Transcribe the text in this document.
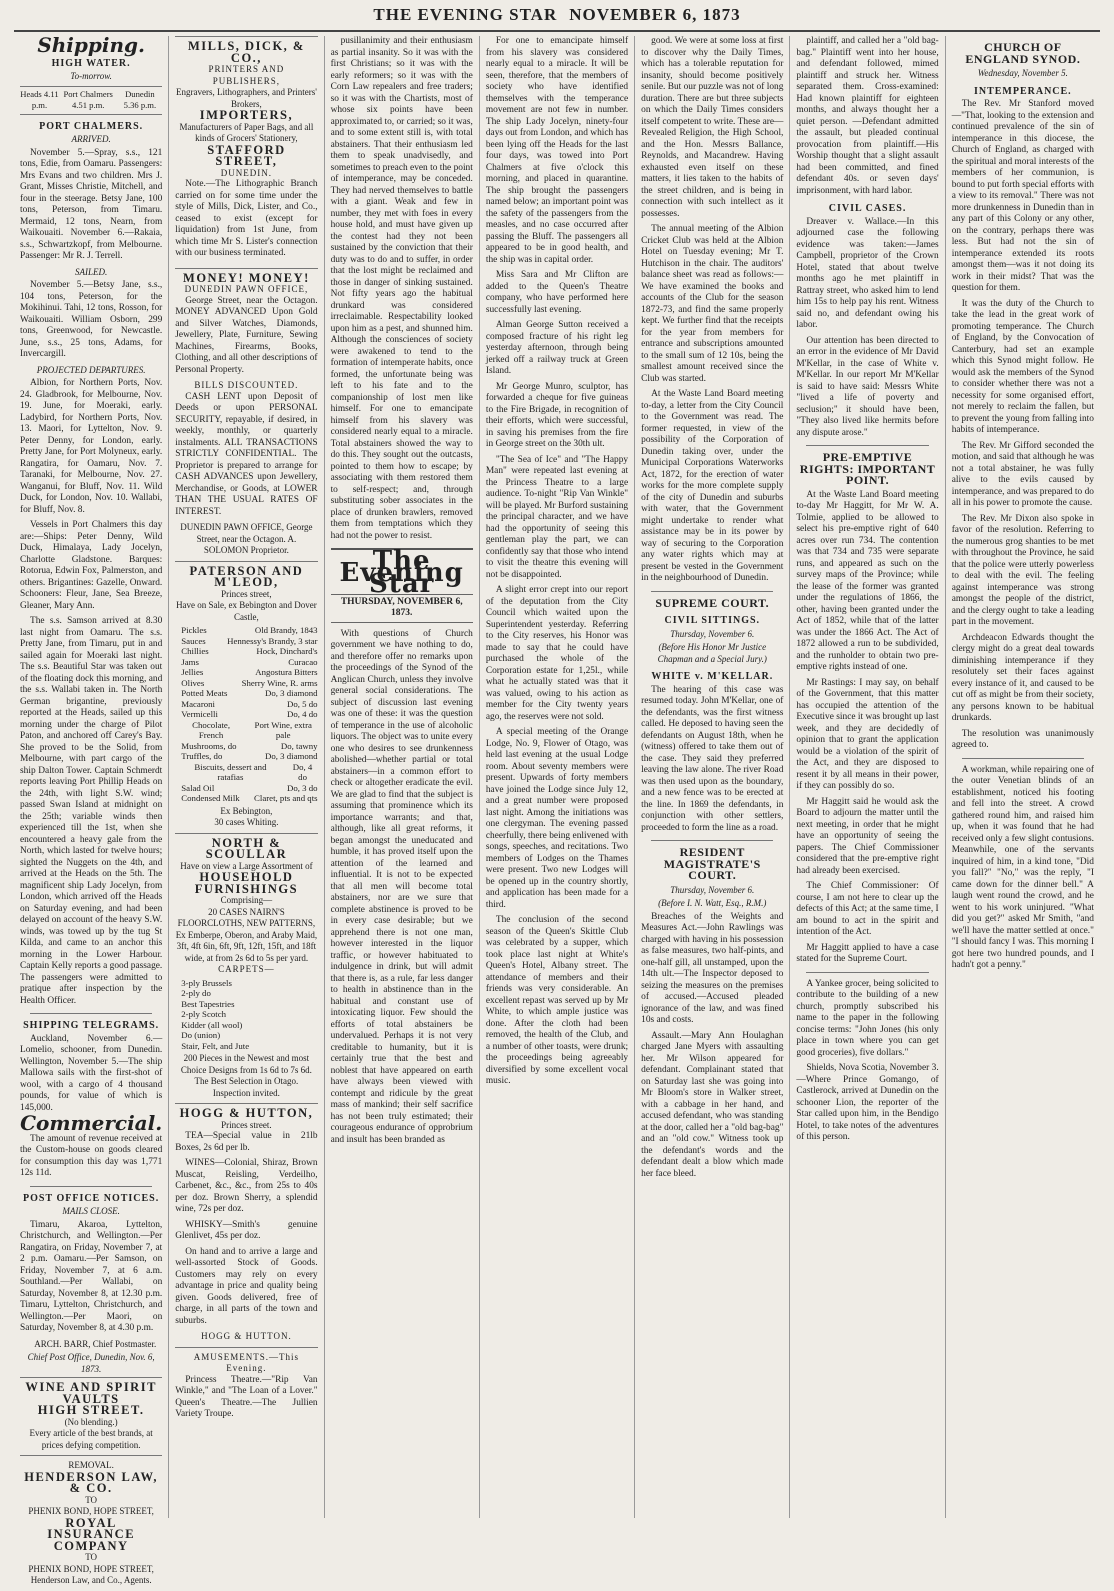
THE EVENING STAR NOVEMBER 6, 1873
Shipping.
HIGH WATER.
To-morrow.
Heads 4.11 p.m.
Port Chalmers 4.51 p.m.
Dunedin 5.36 p.m.
PORT CHALMERS.
ARRIVED.

November 5.—Spray, s.s., 121 tons, Edie, from Oamaru. Passengers: Mrs Evans and two children. Mrs J. Grant, Misses Christie, Mitchell, and four in the steerage. Betsy Jane, 100 tons, Peterson, from Timaru. Mermaid, 12 tons, Nearn, from Waikouaiti. November 6.—Rakaia, s.s., Schwartzkopf, from Melbourne. Passenger: Mr R. J. Terrell.

SAILED.

November 5.—Betsy Jane, s.s., 104 tons, Peterson, for the Mokihinui. Tahi, 12 tons, Rosson, for Waikouaiti. William Osborn, 299 tons, Greenwood, for Newcastle. June, s.s., 25 tons, Adams, for Invercargill.

PROJECTED DEPARTURES.

Albion, for Northern Ports, Nov. 24. Gladbrook, for Melbourne, Nov. 19. June, for Moeraki, early. Ladybird, for Northern Ports, Nov. 13. Maori, for Lyttelton, Nov. 9. Peter Denny, for London, early. Pretty Jane, for Port Molyneux, early. Rangatira, for Oamaru, Nov. 7. Taranaki, for Melbourne, Nov. 27. Wanganui, for Bluff, Nov. 11. Wild Duck, for London, Nov. 10. Wallabi, for Bluff, Nov. 8.

Vessels in Port Chalmers this day are:—Ships: Peter Denny, Wild Duck, Himalaya, Lady Jocelyn, Charlotte Gladstone. Barques: Rotorua, Edwin Fox, Palmerston, and others. Brigantines: Gazelle, Onward. Schooners: Fleur, Jane, Sea Breeze, Gleaner, Mary Ann.

The s.s. Samson arrived at 8.30 last night from Oamaru. The s.s. Pretty Jane, from Timaru, put in and sailed again for Moeraki last night. The s.s. Beautiful Star was taken out of the floating dock this morning, and the s.s. Wallabi taken in. The North German brigantine, previously reported at the Heads, sailed up this morning under the charge of Pilot Paton, and anchored off Carey's Bay. She proved to be the Solid, from Melbourne, with part cargo of the ship Dalton Tower. Captain Schmerdt reports leaving Port Phillip Heads on the 24th, with light S.W. wind; passed Swan Island at midnight on the 25th; variable winds then experienced till the 1st, when she encountered a heavy gale from the North, which lasted for twelve hours; sighted the Nuggets on the 4th, and arrived at the Heads on the 5th. The magnificent ship Lady Jocelyn, from London, which arrived off the Heads on Saturday evening, and had been delayed on account of the heavy S.W. winds, was towed up by the tug St Kilda, and came to an anchor this morning in the Lower Harbour. Captain Kelly reports a good passage. The passengers were admitted to pratique after inspection by the Health Officer.

SHIPPING TELEGRAMS.

Auckland, November 6.—Lomelio, schooner, from Dunedin. Wellington, November 5.—The ship Mallowa sails with the first-shot of wool, with a cargo of 4 thousand pounds, for value of which is 145,000.

Commercial.

The amount of revenue received at the Custom-house on goods cleared for consumption this day was 1,771 12s 11d.

POST OFFICE NOTICES.
MAILS CLOSE.

Timaru, Akaroa, Lyttelton, Christchurch, and Wellington.—Per Rangatira, on Friday, November 7, at 2 p.m. Oamaru.—Per Samson, on Friday, November 7, at 6 a.m. Southland.—Per Wallabi, on Saturday, November 8, at 12.30 p.m. Timaru, Lyttelton, Christchurch, and Wellington.—Per Maori, on Saturday, November 8, at 4.30 p.m.

ARCH. BARR, Chief Postmaster.
Chief Post Office, Dunedin, Nov. 6, 1873.
WINE AND SPIRIT VAULTS
HIGH STREET.
(No blending.)
Every article of the best brands, at prices defying competition.
REMOVAL.
HENDERSON LAW, & CO.
TO
PHENIX BOND, HOPE STREET,
ROYAL INSURANCE COMPANY
TO
PHENIX BOND, HOPE STREET,
Henderson Law, and Co., Agents.
MILLS, DICK, & CO.,
PRINTERS AND PUBLISHERS,
Engravers, Lithographers, and Printers' Brokers,
IMPORTERS,
Manufacturers of Paper Bags, and all kinds of Grocers' Stationery,
STAFFORD STREET,
DUNEDIN.

Note.—The Lithographic Branch carried on for some time under the style of Mills, Dick, Lister, and Co., ceased to exist (except for liquidation) from 1st June, from which time Mr S. Lister's connection with our business terminated.

MONEY! MONEY!
DUNEDIN PAWN OFFICE,

George Street, near the Octagon. MONEY ADVANCED Upon Gold and Silver Watches, Diamonds, Jewellery, Plate, Furniture, Sewing Machines, Firearms, Books, Clothing, and all other descriptions of Personal Property.

BILLS DISCOUNTED.

CASH LENT upon Deposit of Deeds or upon PERSONAL SECURITY, repayable, if desired, in weekly, monthly, or quarterly instalments. ALL TRANSACTIONS STRICTLY CONFIDENTIAL. The Proprietor is prepared to arrange for CASH ADVANCES upon Jewellery, Merchandise, or Goods, at LOWER THAN THE USUAL RATES OF INTEREST.

DUNEDIN PAWN OFFICE, George Street, near the Octagon. A. SOLOMON Proprietor.
PATERSON AND M'LEOD,
Princes street,
Have on Sale, ex Bebington and Dover Castle,
Pickles	Old Brandy, 1843
Sauces Hennessy's Brandy, 3 star
Chillies	Hock, Dinchard's
Jams	Curacao
Jellies	Angostura Bitters
Olives	Sherry Wine, R. arms
Potted Meats	Do, 3 diamond
Macaroni	Do, 5 do
Vermicelli	Do, 4 do
Chocolate, French
Port Wine, extra pale
Mushrooms, do	Do, tawny
Truffles, do	Do, 3 diamond
Biscuits, dessert and ratafias
Do, 4 do
Salad Oil	Do, 3 do
Condensed Milk Claret, pts and qts
Ex Bebington,
30 cases Whiting.
NORTH & SCOULLAR
Have on view a Large Assortment of
HOUSEHOLD FURNISHINGS
Comprising—
20 CASES NAIRN'S FLOORCLOTHS, NEW PATTERNS,
Ex Emberpe, Oberon, and Araby Maid,
3ft, 4ft 6in, 6ft, 9ft, 12ft, 15ft, and 18ft wide, at from 2s 6d to 5s per yard.
CARPETS—
3-ply Brussels
2-ply do
Best Tapestries
2-ply Scotch
Kidder (all wool)
Do (union)
Stair, Felt, and Jute
200 Pieces in the Newest and most Choice Designs from 1s 6d to 7s 6d.
The Best Selection in Otago.
Inspection invited.
HOGG & HUTTON,
Princes street.

TEA—Special value in 21lb Boxes, 2s 6d per lb.

WINES—Colonial, Shiraz, Brown Muscat, Reisling, Verdeilho, Carbenet, &c., &c., from 25s to 40s per doz. Brown Sherry, a splendid wine, 72s per doz.

WHISKY—Smith's genuine Glenlivet, 45s per doz.

On hand and to arrive a large and well-assorted Stock of Goods. Customers may rely on every advantage in price and quality being given. Goods delivered, free of charge, in all parts of the town and suburbs.

HOGG & HUTTON.
AMUSEMENTS.—This Evening.

Princess Theatre.—"Rip Van Winkle," and "The Loan of a Lover." Queen's Theatre.—The Jullien Variety Troupe.

pusillanimity and their enthusiasm as partial insanity. So it was with the first Christians; so it was with the early reformers; so it was with the Corn Law repealers and free traders; so it was with the Chartists, most of whose six points have been approximated to, or carried; so it was, and to some extent still is, with total abstainers. That their enthusiasm led them to speak unadvisedly, and sometimes to preach even to the point of intemperance, may be conceded. They had nerved themselves to battle with a giant. Weak and few in number, they met with foes in every house hold, and must have given up the contest had they not been sustained by the conviction that their duty was to do and to suffer, in order that the lost might be reclaimed and those in danger of sinking sustained. Not fifty years ago the habitual drunkard was considered irreclaimable. Respectability looked upon him as a pest, and shunned him. Although the consciences of society were awakened to tend to the formation of intemperate habits, once formed, the unfortunate being was left to his fate and to the companionship of lost men like himself. For one to emancipate himself from his slavery was considered nearly equal to a miracle. Total abstainers showed the way to do this. They sought out the outcasts, pointed to them how to escape; by associating with them restored them to self-respect; and, through substituting sober associates in the place of drunken brawlers, removed them from temptations which they had not the power to resist.

The Evening Star
THURSDAY, NOVEMBER 6, 1873.

With questions of Church government we have nothing to do, and therefore offer no remarks upon the proceedings of the Synod of the Anglican Church, unless they involve general social considerations. The subject of discussion last evening was one of these: it was the question of temperance in the use of alcoholic liquors. The object was to unite every one who desires to see drunkenness abolished—whether partial or total abstainers—in a common effort to check or altogether eradicate the evil. We are glad to find that the subject is assuming that prominence which its importance warrants; and that, although, like all great reforms, it began amongst the uneducated and humble, it has proved itself upon the attention of the learned and influential. It is not to be expected that all men will become total abstainers, nor are we sure that complete abstinence is proved to be in every case desirable; but we apprehend there is not one man, however interested in the liquor traffic, or however habituated to indulgence in drink, but will admit that there is, as a rule, far less danger to health in abstinence than in the habitual and constant use of intoxicating liquor. Few should the efforts of total abstainers be undervalued. Perhaps it is not very creditable to humanity, but it is certainly true that the best and noblest that have appeared on earth have always been viewed with contempt and ridicule by the great mass of mankind; their self sacrifice has not been truly estimated; their courageous endurance of opprobrium and insult has been branded as

For one to emancipate himself from his slavery was considered nearly equal to a miracle. It will be seen, therefore, that the members of society who have identified themselves with the temperance movement are not few in number. The ship Lady Jocelyn, ninety-four days out from London, and which has been lying off the Heads for the last four days, was towed into Port Chalmers at five o'clock this morning, and placed in quarantine. The ship brought the passengers named below; an important point was the safety of the passengers from the measles, and no case occurred after passing the Bluff. The passengers all appeared to be in good health, and the ship was in capital order.

Miss Sara and Mr Clifton are added to the Queen's Theatre company, who have performed here successfully last evening.

Alman George Sutton received a composed fracture of his right leg yesterday afternoon, through being jerked off a railway truck at Green Island.

Mr George Munro, sculptor, has forwarded a cheque for five guineas to the Fire Brigade, in recognition of their efforts, which were successful, in saving his premises from the fire in George street on the 30th ult.

"The Sea of Ice" and "The Happy Man" were repeated last evening at the Princess Theatre to a large audience. To-night "Rip Van Winkle" will be played. Mr Burford sustaining the principal character, and we have had the opportunity of seeing this gentleman play the part, we can confidently say that those who intend to visit the theatre this evening will not be disappointed.

A slight error crept into our report of the deputation from the City Council which waited upon the Superintendent yesterday. Referring to the City reserves, his Honor was made to say that he could have purchased the whole of the Corporation estate for 1,25l., while what he actually stated was that it was valued, owing to his action as member for the City twenty years ago, the reserves were not sold.

A special meeting of the Orange Lodge, No. 9, Flower of Otago, was held last evening at the usual Lodge room. About seventy members were present. Upwards of forty members have joined the Lodge since July 12, and a great number were proposed last night. Among the initiations was one clergyman. The evening passed cheerfully, there being enlivened with songs, speeches, and recitations. Two members of Lodges on the Thames were present. Two new Lodges will be opened up in the country shortly, and application has been made for a third.

The conclusion of the second season of the Queen's Skittle Club was celebrated by a supper, which took place last night at White's Queen's Hotel, Albany street. The attendance of members and their friends was very considerable. An excellent repast was served up by Mr White, to which ample justice was done. After the cloth had been removed, the health of the Club, and a number of other toasts, were drunk; the proceedings being agreeably diversified by some excellent vocal music.

good. We were at some loss at first to discover why the Daily Times, which has a tolerable reputation for insanity, should become positively senile. But our puzzle was not of long duration. There are but three subjects on which the Daily Times considers itself competent to write. These are—Revealed Religion, the High School, and the Hon. Messrs Ballance, Reynolds, and Macandrew. Having exhausted even itself on these matters, it lies taken to the habits of the street children, and is being in connection with such intellect as it possesses.

The annual meeting of the Albion Cricket Club was held at the Albion Hotel on Tuesday evening; Mr T. Hutchison in the chair. The auditors' balance sheet was read as follows:—We have examined the books and accounts of the Club for the season 1872-73, and find the same properly kept. We further find that the receipts for the year from members for entrance and subscriptions amounted to the small sum of 12 10s, being the smallest amount received since the Club was started.

At the Waste Land Board meeting to-day, a letter from the City Council to the Government was read. The former requested, in view of the possibility of the Corporation of Dunedin taking over, under the Municipal Corporations Waterworks Act, 1872, for the erection of water works for the more complete supply of the city of Dunedin and suburbs with water, that the Government might undertake to render what assistance may be in its power by way of securing to the Corporation any water rights which may at present be vested in the Government in the neighbourhood of Dunedin.

SUPREME COURT.
CIVIL SITTINGS.
Thursday, November 6.
(Before His Honor Mr Justice Chapman and a Special Jury.)
WHITE v. M'KELLAR.

The hearing of this case was resumed today. John M'Kellar, one of the defendants, was the first witness called. He deposed to having seen the defendants on August 18th, when he (witness) offered to take them out of the case. They said they preferred leaving the law alone. The river Road was then used upon as the boundary, and a new fence was to be erected at the line. In 1869 the defendants, in conjunction with other settlers, proceeded to form the line as a road.

RESIDENT MAGISTRATE'S COURT.
Thursday, November 6.
(Before I. N. Watt, Esq., R.M.)

Breaches of the Weights and Measures Act.—John Rawlings was charged with having in his possession as false measures, two half-pints, and one-half gill, all unstamped, upon the 14th ult.—The Inspector deposed to seizing the measures on the premises of accused.—Accused pleaded ignorance of the law, and was fined 10s and costs.

Assault.—Mary Ann Houlaghan charged Jane Myers with assaulting her. Mr Wilson appeared for defendant. Complainant stated that on Saturday last she was going into Mr Bloom's store in Walker street, with a cabbage in her hand, and accused defendant, who was standing at the door, called her a "old bag-bag" and an "old cow." Witness took up the defendant's words and the defendant dealt a blow which made her face bleed.

plaintiff, and called her a "old bag-bag." Plaintiff went into her house, and defendant followed, mimed plaintiff and struck her. Witness separated them. Cross-examined: Had known plaintiff for eighteen months, and always thought her a quiet person. —Defendant admitted the assault, but pleaded continual provocation from plaintiff.—His Worship thought that a slight assault had been committed, and fined defendant 40s. or seven days' imprisonment, with hard labor.

CIVIL CASES.

Dreaver v. Wallace.—In this adjourned case the following evidence was taken:—James Campbell, proprietor of the Crown Hotel, stated that about twelve months ago he met plaintiff in Rattray street, who asked him to lend him 15s to help pay his rent. Witness said no, and defendant owing his labor.

Our attention has been directed to an error in the evidence of Mr David M'Kellar, in the case of White v. M'Kellar. In our report Mr M'Kellar is said to have said: Messrs White "lived a life of poverty and seclusion;" it should have been, "They also lived like hermits before any dispute arose."

PRE-EMPTIVE RIGHTS: IMPORTANT POINT.

At the Waste Land Board meeting to-day Mr Haggitt, for Mr W. A. Tolmie, applied to be allowed to select his pre-emptive right of 640 acres over run 734. The contention was that 734 and 735 were separate runs, and appeared as such on the survey maps of the Province; while the lease of the former was granted under the regulations of 1866, the other, having been granted under the Act of 1852, while that of the latter was under the 1866 Act. The Act of 1872 allowed a run to be subdivided, and the runholder to obtain two pre-emptive rights instead of one.

Mr Rastings: I may say, on behalf of the Government, that this matter has occupied the attention of the Executive since it was brought up last week, and they are decidedly of opinion that to grant the application would be a violation of the spirit of the Act, and they are disposed to resent it by all means in their power, if they can possibly do so.

Mr Haggitt said he would ask the Board to adjourn the matter until the next meeting, in order that he might have an opportunity of seeing the papers. The Chief Commissioner considered that the pre-emptive right had already been exercised.

The Chief Commissioner: Of course, I am not here to clear up the defects of this Act; at the same time, I am bound to act in the spirit and intention of the Act.

Mr Haggitt applied to have a case stated for the Supreme Court.

A Yankee grocer, being solicited to contribute to the building of a new church, promptly subscribed his name to the paper in the following concise terms: "John Jones (his only place in town where you can get good groceries), five dollars."

Shields, Nova Scotia, November 3.—Where Prince Gomango, of Castlerock, arrived at Dunedin on the schooner Lion, the reporter of the Star called upon him, in the Bendigo Hotel, to take notes of the adventures of this person.

CHURCH OF ENGLAND SYNOD.
Wednesday, November 5.
INTEMPERANCE.

The Rev. Mr Stanford moved—"That, looking to the extension and continued prevalence of the sin of intemperance in this diocese, the Church of England, as charged with the spiritual and moral interests of the members of her communion, is bound to put forth special efforts with a view to its removal." There was not more drunkenness in Dunedin than in any part of this Colony or any other, on the contrary, perhaps there was less. But had not the sin of intemperance extended its roots amongst them—was it not doing its work in their midst? That was the question for them.

It was the duty of the Church to take the lead in the great work of promoting temperance. The Church of England, by the Convocation of Canterbury, had set an example which this Synod might follow. He would ask the members of the Synod to consider whether there was not a necessity for some organised effort, not merely to reclaim the fallen, but to prevent the young from falling into habits of intemperance.

The Rev. Mr Gifford seconded the motion, and said that although he was not a total abstainer, he was fully alive to the evils caused by intemperance, and was prepared to do all in his power to promote the cause.

The Rev. Mr Dixon also spoke in favor of the resolution. Referring to the numerous grog shanties to be met with throughout the Province, he said that the police were utterly powerless to deal with the evil. The feeling against intemperance was strong amongst the people of the district, and the clergy ought to take a leading part in the movement.

Archdeacon Edwards thought the clergy might do a great deal towards diminishing intemperance if they resolutely set their faces against every instance of it, and caused to be cut off as might be from their society, any persons known to be habitual drunkards.

The resolution was unanimously agreed to.

A workman, while repairing one of the outer Venetian blinds of an establishment, noticed his footing and fell into the street. A crowd gathered round him, and raised him up, when it was found that he had received only a few slight contusions. Meanwhile, one of the servants inquired of him, in a kind tone, "Did you fall?" "No," was the reply, "I came down for the dinner bell." A laugh went round the crowd, and he went to his work uninjured. "What did you get?" asked Mr Smith, "and we'll have the matter settled at once." "I should fancy I was. This morning I got here two hundred pounds, and I hadn't got a penny."
